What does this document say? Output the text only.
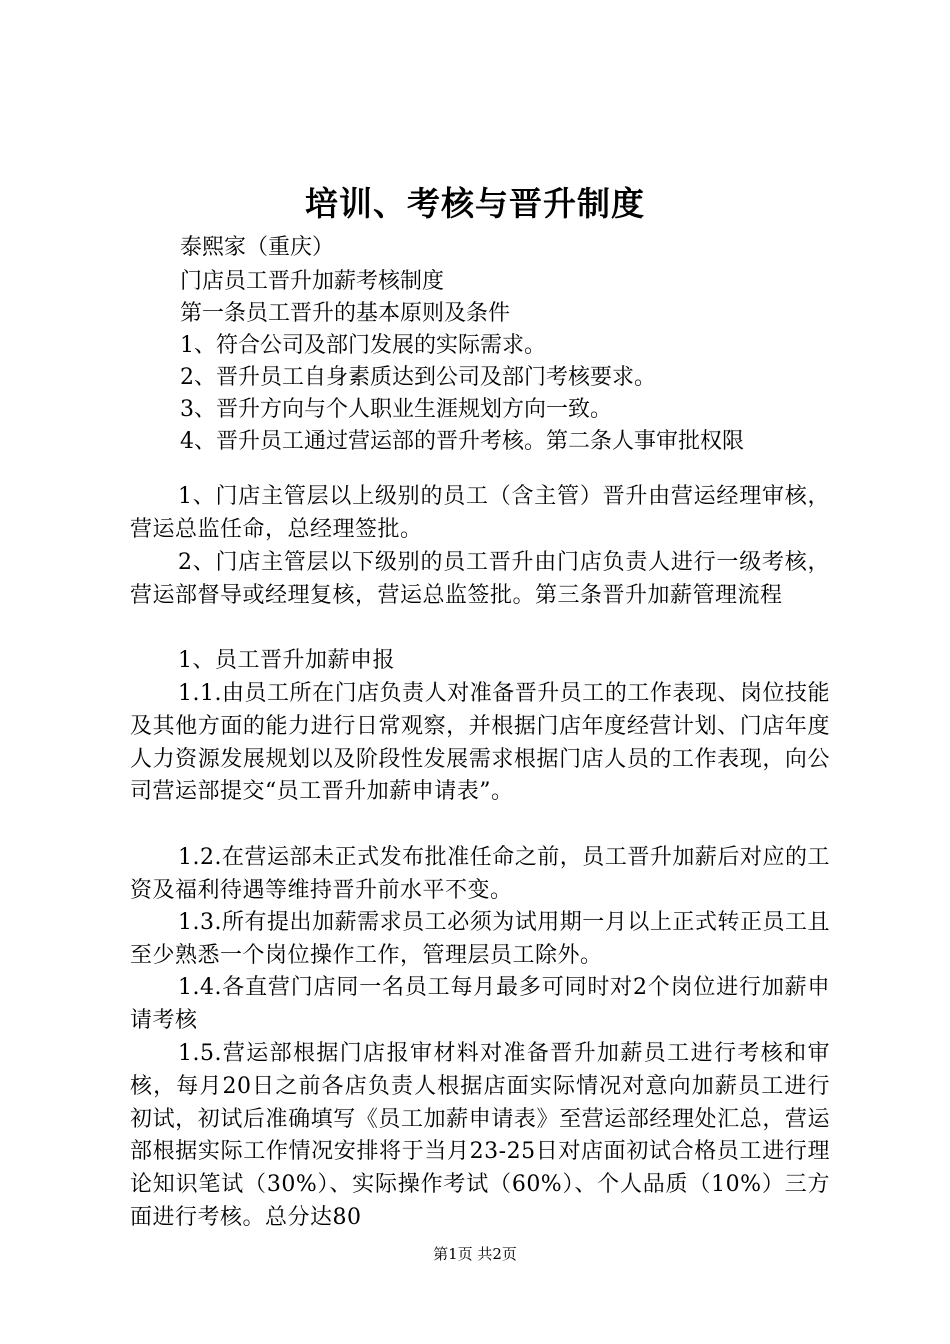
培训、考核与晋升制度
泰熙家（重庆）
门店员工晋升加薪考核制度
第一条员工晋升的基本原则及条件
1、符合公司及部门发展的实际需求。
2、晋升员工自身素质达到公司及部门考核要求。
3、晋升方向与个人职业生涯规划方向一致。
4、晋升员工通过营运部的晋升考核。第二条人事审批权限
1、门店主管层以上级别的员工（含主管）晋升由营运经理审核，营运总监任命，总经理签批。
2、门店主管层以下级别的员工晋升由门店负责人进行一级考核，营运部督导或经理复核，营运总监签批。第三条晋升加薪管理流程
1、员工晋升加薪申报
1.1.由员工所在门店负责人对准备晋升员工的工作表现、岗位技能及其他方面的能力进行日常观察，并根据门店年度经营计划、门店年度人力资源发展规划以及阶段性发展需求根据门店人员的工作表现，向公司营运部提交“员工晋升加薪申请表”。
1.2.在营运部未正式发布批准任命之前，员工晋升加薪后对应的工资及福利待遇等维持晋升前水平不变。
1.3.所有提出加薪需求员工必须为试用期一月以上正式转正员工且至少熟悉一个岗位操作工作，管理层员工除外。
1.4.各直营门店同一名员工每月最多可同时对2个岗位进行加薪申请考核
1.5.营运部根据门店报审材料对准备晋升加薪员工进行考核和审核，每月20日之前各店负责人根据店面实际情况对意向加薪员工进行初试，初试后准确填写《员工加薪申请表》至营运部经理处汇总，营运部根据实际工作情况安排将于当月23-25日对店面初试合格员工进行理论知识笔试（30%）、实际操作考试（60%）、个人品质（10%）三方面进行考核。总分达80
第1页 共2页
